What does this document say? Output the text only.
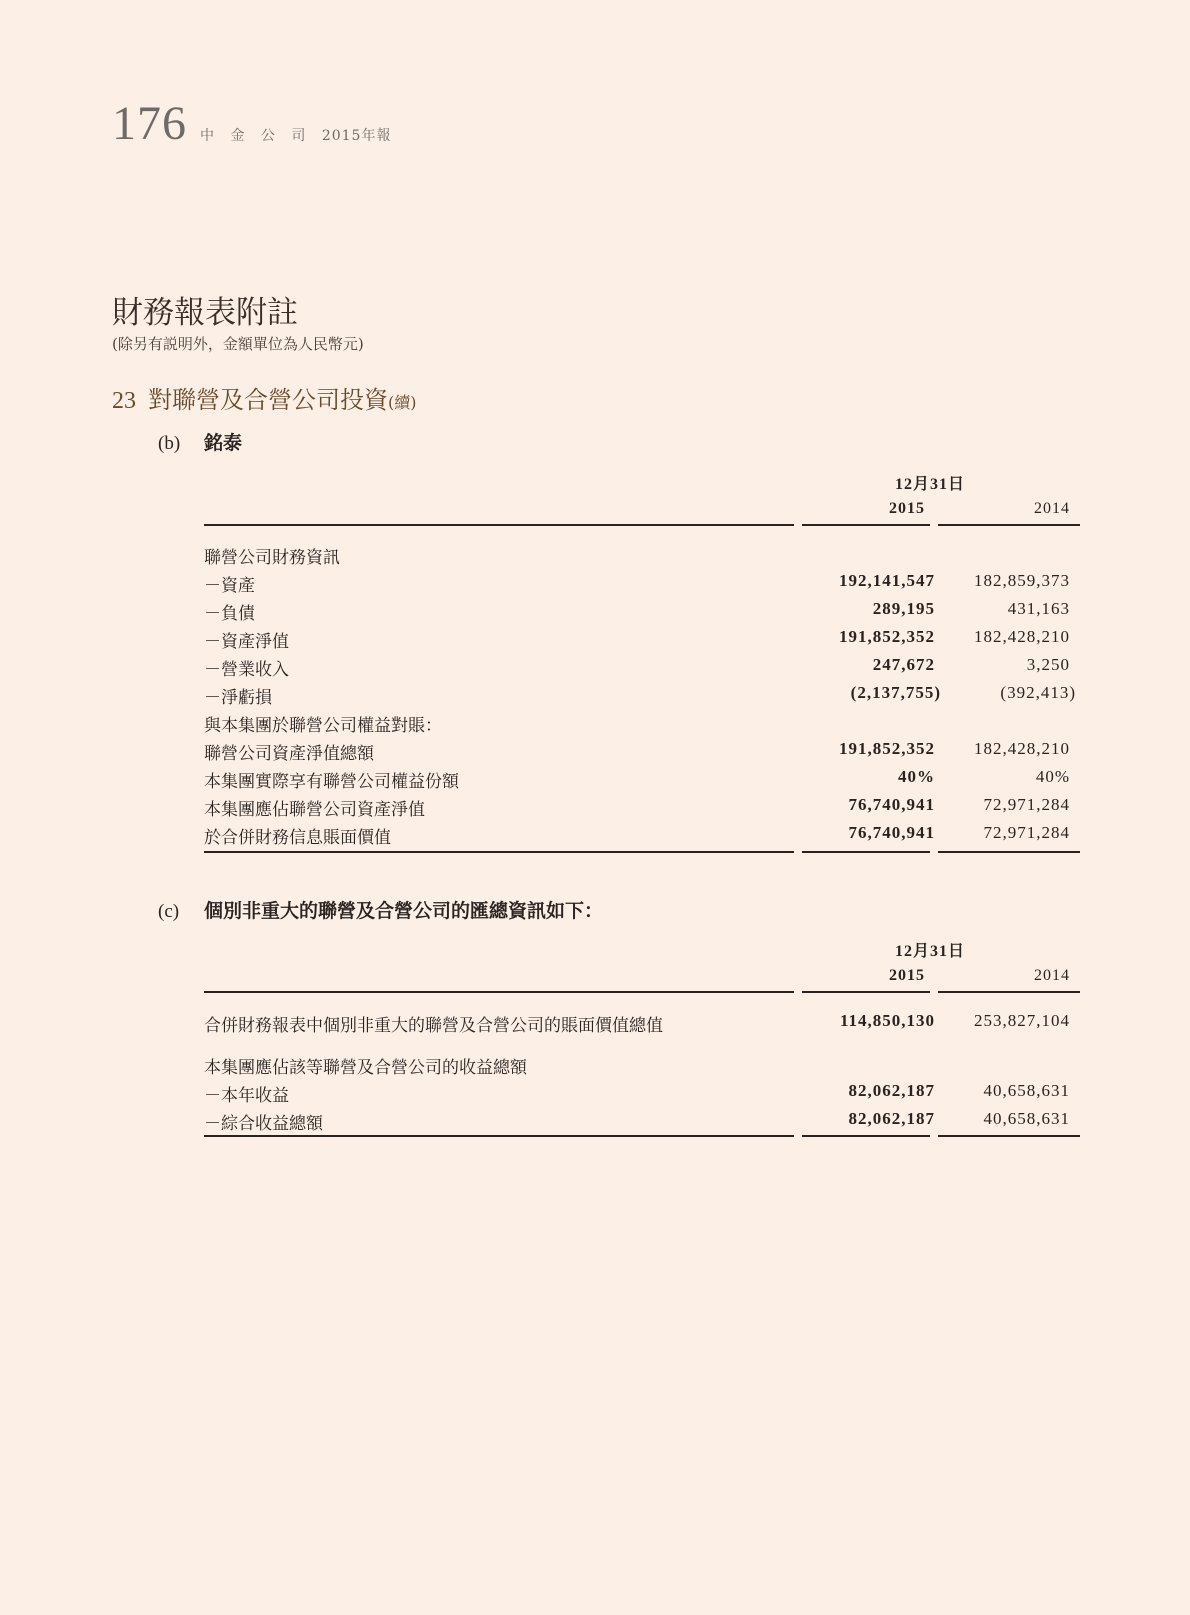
176 中 金 公 司 2015年報
財務報表附註
(除另有説明外，金額單位為人民幣元)
23 對聯營及合營公司投資(續)
(b) 銘泰
12月31日
2015	2014
聯營公司財務資訊
－資產	192,141,547 182,859,373
－負債	289,195	431,163
－資產淨值	191,852,352 182,428,210
－營業收入	247,672	3,250
－淨虧損	(2,137,755)	(392,413)
與本集團於聯營公司權益對賬：
聯營公司資產淨值總額	191,852,352 182,428,210
本集團實際享有聯營公司權益份額	40%	40%
本集團應佔聯營公司資產淨值	76,740,941	72,971,284
於合併財務信息賬面價值	76,740,941	72,971,284
(c) 個別非重大的聯營及合營公司的匯總資訊如下：
12月31日
2015	2014
合併財務報表中個別非重大的聯營及合營公司的賬面價值總值	114,850,130 253,827,104
本集團應佔該等聯營及合營公司的收益總額
－本年收益	82,062,187	40,658,631
－綜合收益總額	82,062,187	40,658,631
